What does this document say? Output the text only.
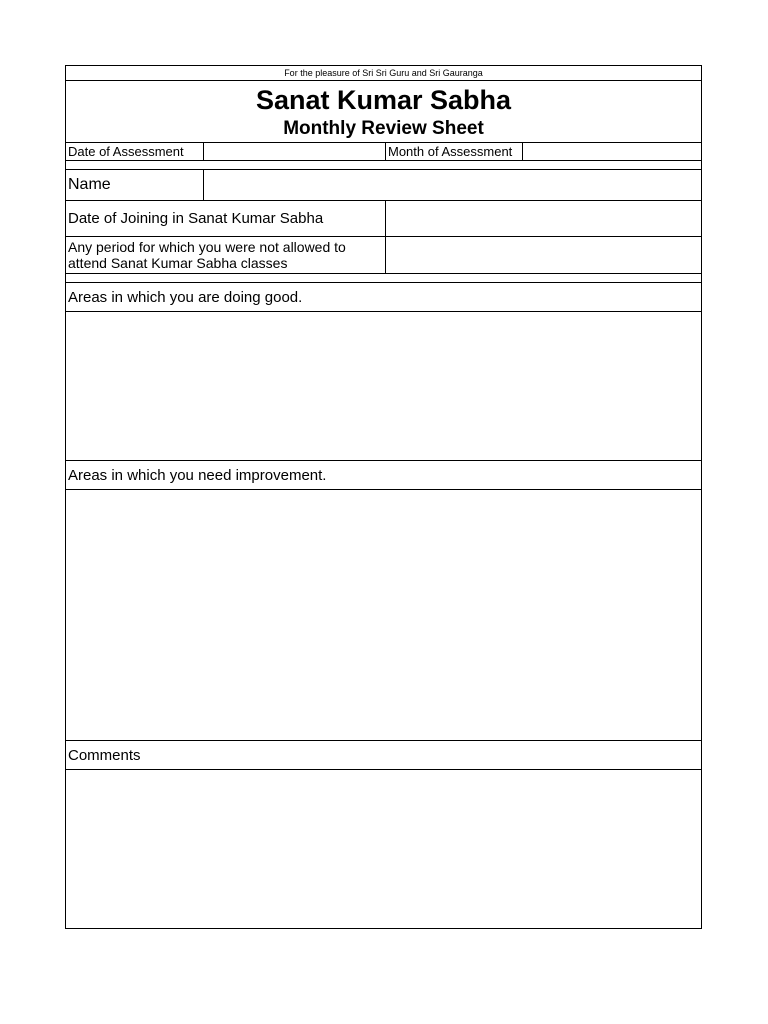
For the pleasure of Sri Sri Guru and Sri Gauranga
Sanat Kumar Sabha
Monthly Review Sheet
Date of Assessment	Month of Assessment
Name
Date of Joining in Sanat Kumar Sabha
Any period for which you were not allowed to attend Sanat Kumar Sabha classes
Areas in which you are doing good.
Areas in which you need improvement.
Comments
